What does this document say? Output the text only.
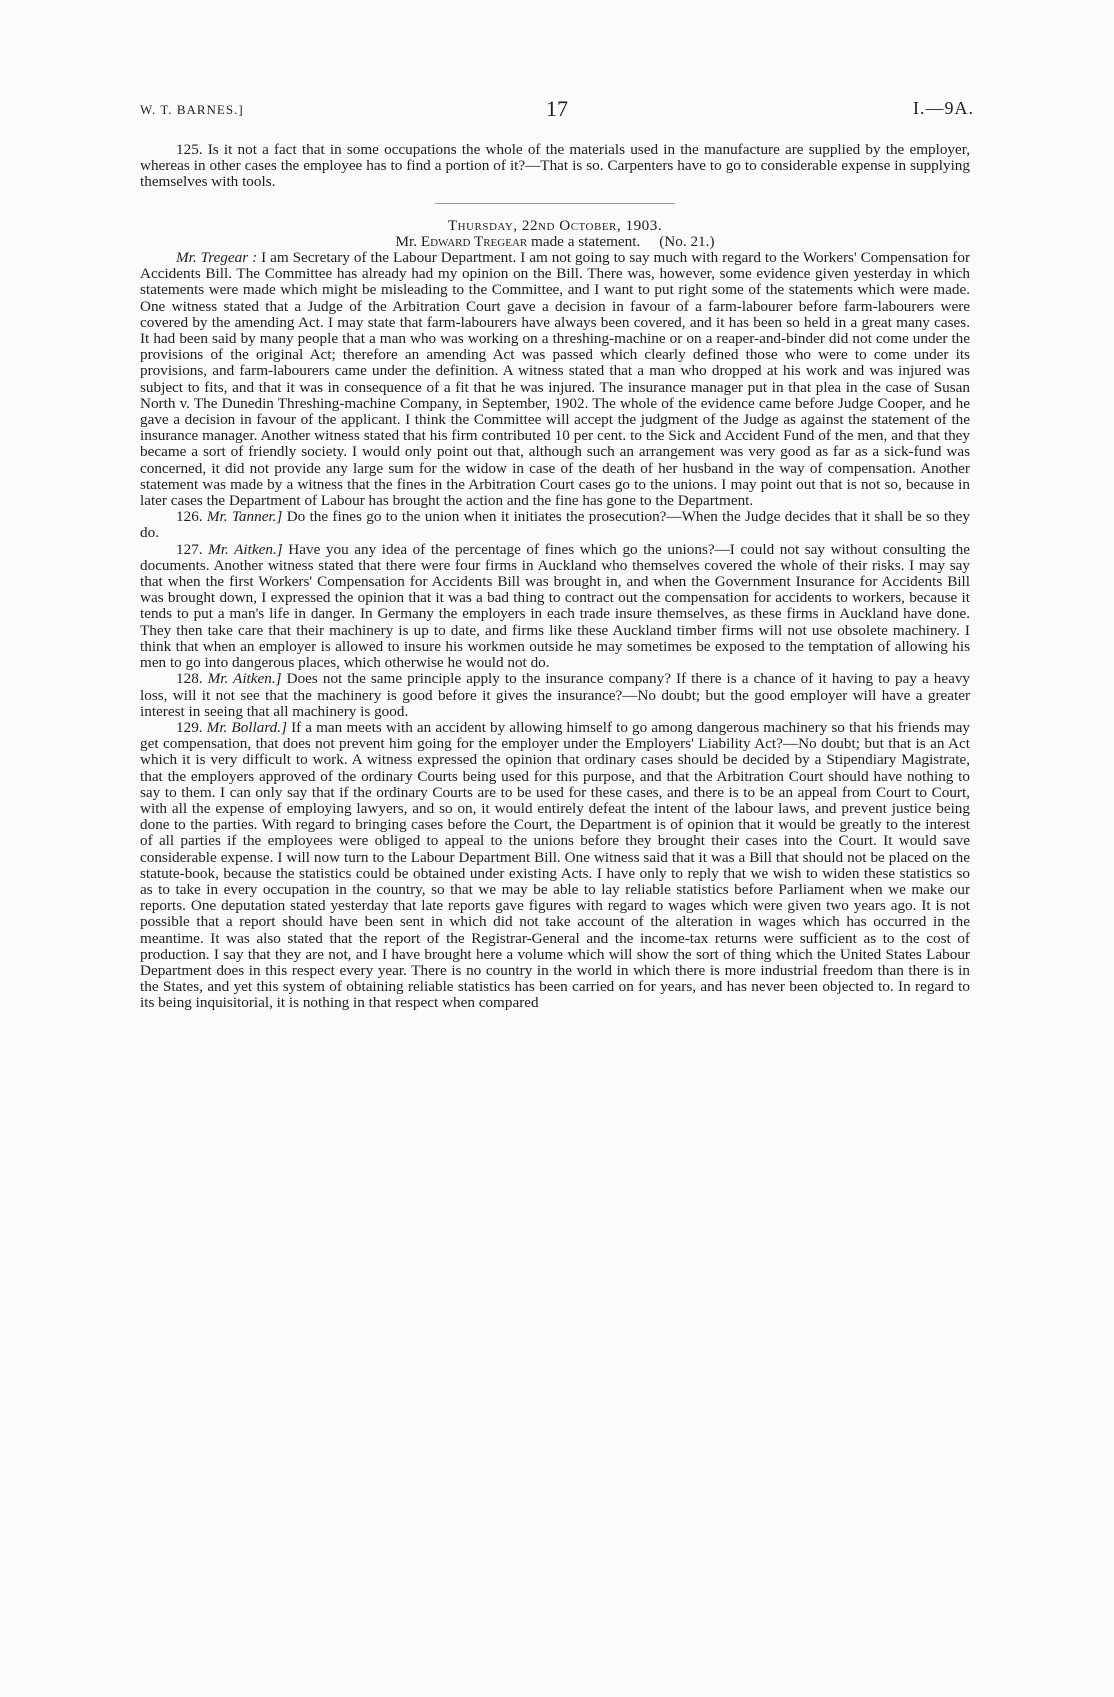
W. T. BARNES.]	17	I.—9A.

125. Is it not a fact that in some occupations the whole of the materials used in the manufacture are supplied by the employer, whereas in other cases the employee has to find a portion of it?—That is so. Carpenters have to go to considerable expense in supplying themselves with tools.

Thursday, 22nd October, 1903.

Mr. Edward Tregear made a statement. (No. 21.)

Mr. Tregear : I am Secretary of the Labour Department. I am not going to say much with regard to the Workers' Compensation for Accidents Bill. The Committee has already had my opinion on the Bill. There was, however, some evidence given yesterday in which statements were made which might be misleading to the Committee, and I want to put right some of the statements which were made. One witness stated that a Judge of the Arbitration Court gave a decision in favour of a farm-labourer before farm-labourers were covered by the amending Act. I may state that farm-labourers have always been covered, and it has been so held in a great many cases. It had been said by many people that a man who was working on a threshing-machine or on a reaper-and-binder did not come under the provisions of the original Act; therefore an amending Act was passed which clearly defined those who were to come under its provisions, and farm-labourers came under the definition. A witness stated that a man who dropped at his work and was injured was subject to fits, and that it was in consequence of a fit that he was injured. The insurance manager put in that plea in the case of Susan North v. The Dunedin Threshing-machine Company, in September, 1902. The whole of the evidence came before Judge Cooper, and he gave a decision in favour of the applicant. I think the Committee will accept the judgment of the Judge as against the statement of the insurance manager. Another witness stated that his firm contributed 10 per cent. to the Sick and Accident Fund of the men, and that they became a sort of friendly society. I would only point out that, although such an arrangement was very good as far as a sick-fund was concerned, it did not provide any large sum for the widow in case of the death of her husband in the way of compensation. Another statement was made by a witness that the fines in the Arbitration Court cases go to the unions. I may point out that is not so, because in later cases the Department of Labour has brought the action and the fine has gone to the Department.

126. Mr. Tanner.] Do the fines go to the union when it initiates the prosecution?—When the Judge decides that it shall be so they do.

127. Mr. Aitken.] Have you any idea of the percentage of fines which go the unions?—I could not say without consulting the documents. Another witness stated that there were four firms in Auckland who themselves covered the whole of their risks. I may say that when the first Workers' Compensation for Accidents Bill was brought in, and when the Government Insurance for Accidents Bill was brought down, I expressed the opinion that it was a bad thing to contract out the compensation for accidents to workers, because it tends to put a man's life in danger. In Germany the employers in each trade insure themselves, as these firms in Auckland have done. They then take care that their machinery is up to date, and firms like these Auckland timber firms will not use obsolete machinery. I think that when an employer is allowed to insure his workmen outside he may sometimes be exposed to the temptation of allowing his men to go into dangerous places, which otherwise he would not do.

128. Mr. Aitken.] Does not the same principle apply to the insurance company? If there is a chance of it having to pay a heavy loss, will it not see that the machinery is good before it gives the insurance?—No doubt; but the good employer will have a greater interest in seeing that all machinery is good.

129. Mr. Bollard.] If a man meets with an accident by allowing himself to go among dangerous machinery so that his friends may get compensation, that does not prevent him going for the employer under the Employers' Liability Act?—No doubt; but that is an Act which it is very difficult to work. A witness expressed the opinion that ordinary cases should be decided by a Stipendiary Magistrate, that the employers approved of the ordinary Courts being used for this purpose, and that the Arbitration Court should have nothing to say to them. I can only say that if the ordinary Courts are to be used for these cases, and there is to be an appeal from Court to Court, with all the expense of employing lawyers, and so on, it would entirely defeat the intent of the labour laws, and prevent justice being done to the parties. With regard to bringing cases before the Court, the Department is of opinion that it would be greatly to the interest of all parties if the employees were obliged to appeal to the unions before they brought their cases into the Court. It would save considerable expense. I will now turn to the Labour Department Bill. One witness said that it was a Bill that should not be placed on the statute-book, because the statistics could be obtained under existing Acts. I have only to reply that we wish to widen these statistics so as to take in every occupation in the country, so that we may be able to lay reliable statistics before Parliament when we make our reports. One deputation stated yesterday that late reports gave figures with regard to wages which were given two years ago. It is not possible that a report should have been sent in which did not take account of the alteration in wages which has occurred in the meantime. It was also stated that the report of the Registrar-General and the income-tax returns were sufficient as to the cost of production. I say that they are not, and I have brought here a volume which will show the sort of thing which the United States Labour Department does in this respect every year. There is no country in the world in which there is more industrial freedom than there is in the States, and yet this system of obtaining reliable statistics has been carried on for years, and has never been objected to. In regard to its being inquisitorial, it is nothing in that respect when compared
